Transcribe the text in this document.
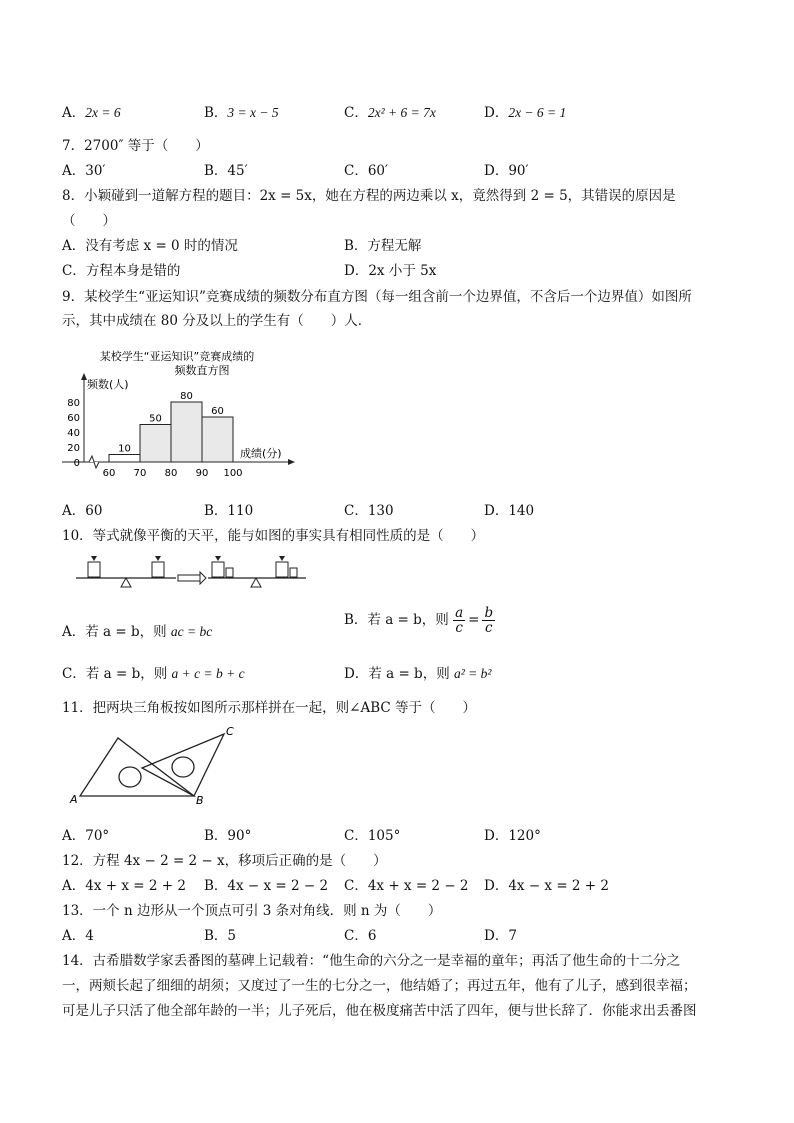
A．2x = 6	B．3 = x − 5	C．2x² + 6 = 7x	D．2x − 6 = 1
7．2700″ 等于（　　）
A．30′	B．45′	C．60′	D．90′
8．小颖碰到一道解方程的题目：2x = 5x，她在方程的两边乘以 x，竟然得到 2 = 5，其错误的原因是
（　　）
A．没有考虑 x = 0 时的情况	B．方程无解
C．方程本身是错的	D．2x 小于 5x
9．某校学生“亚运知识”竞赛成绩的频数分布直方图（每一组含前一个边界值，不含后一个边界值）如图所
示，其中成绩在 80 分及以上的学生有（　　）人．
某校学生“亚运知识”竞赛成绩的
频数直方图
频数(人)
成绩(分)
0
20
40
60
80
10
50
80
60
60 70 80 90 100
A．60	B．110	C．130	D．140
10．等式就像平衡的天平，能与如图的事实具有相同性质的是（　　）
A．若 a = b，则 ac = bc
B．若 a = b，则 $\frac{a}{c} = \frac{b}{c}$
C．若 a = b，则 a + c = b + c	D．若 a = b，则 a² = b²
11．把两块三角板按如图所示那样拼在一起，则∠ABC 等于（　　）
A	B
C
A．70°	B．90°	C．105°	D．120°
12．方程 4x − 2 = 2 − x，移项后正确的是（　　）
A．4x + x = 2 + 2 B．4x − x = 2 − 2 C．4x + x = 2 − 2 D．4x − x = 2 + 2
13．一个 n 边形从一个顶点可引 3 条对角线．则 n 为（　　）
A．4	B．5	C．6	D．7
14．古希腊数学家丢番图的墓碑上记载着：“他生命的六分之一是幸福的童年；再活了他生命的十二分之
一，两颊长起了细细的胡须；又度过了一生的七分之一，他结婚了；再过五年，他有了儿子，感到很幸福；
可是儿子只活了他全部年龄的一半；儿子死后，他在极度痛苦中活了四年，便与世长辞了．你能求出丢番图
